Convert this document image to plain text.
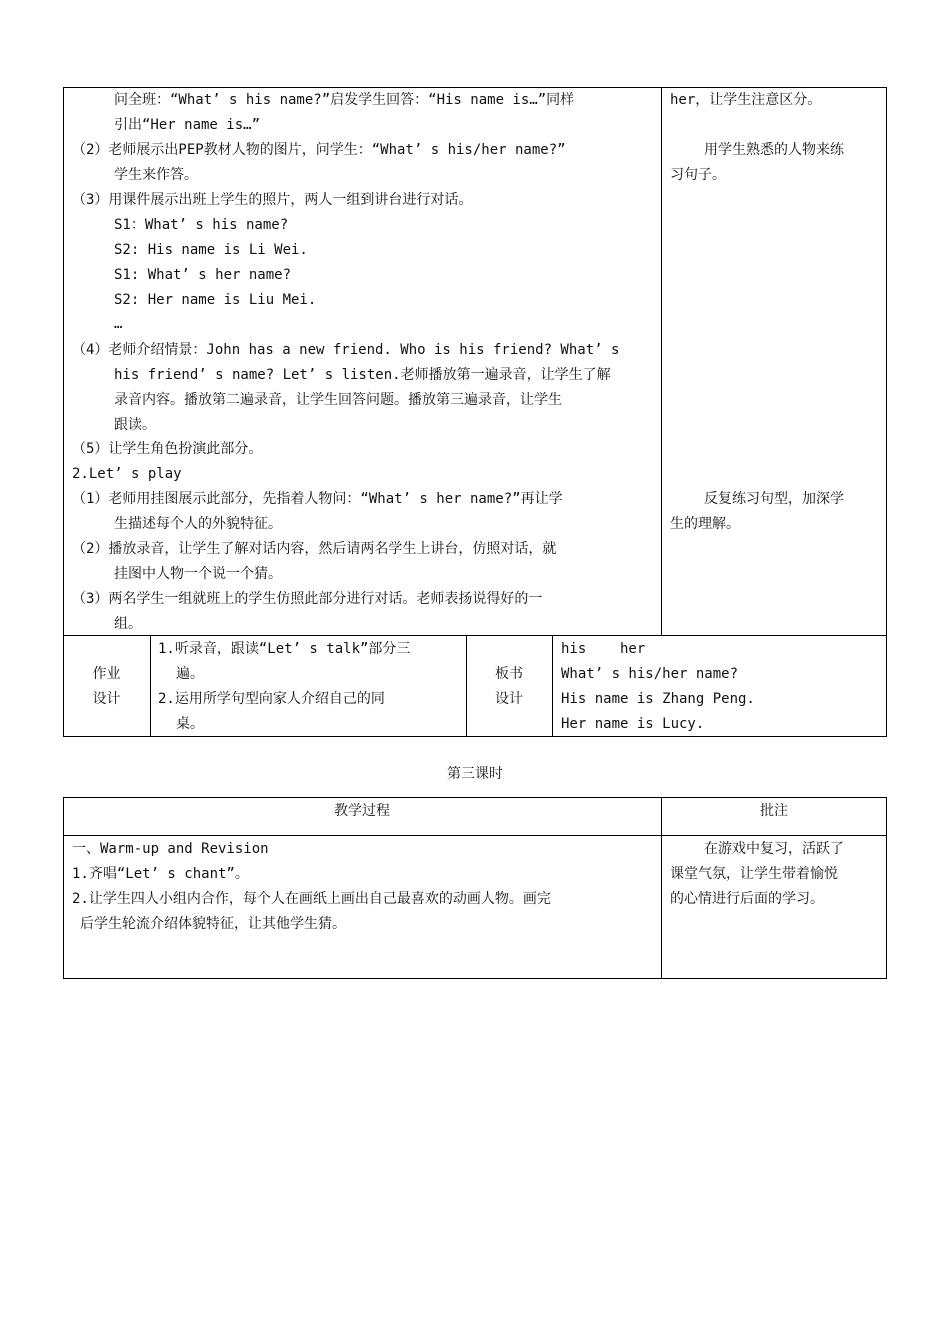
问全班：“What’ s his name?”启发学生回答：“His name is…”同样
引出“Her name is…”
（2）老师展示出PEP教材人物的图片，问学生：“What’ s his/her name?”
学生来作答。
（3）用课件展示出班上学生的照片，两人一组到讲台进行对话。
S1：What’ s his name?
S2: His name is Li Wei.
S1: What’ s her name?
S2: Her name is Liu Mei.
…
（4）老师介绍情景：John has a new friend. Who is his friend? What’ s
his friend’ s name? Let’ s listen.老师播放第一遍录音，让学生了解
录音内容。播放第二遍录音，让学生回答问题。播放第三遍录音，让学生
跟读。
（5）让学生角色扮演此部分。
2.Let’ s play
（1）老师用挂图展示此部分，先指着人物问：“What’ s her name?”再让学
生描述每个人的外貌特征。
（2）播放录音，让学生了解对话内容，然后请两名学生上讲台，仿照对话，就
挂图中人物一个说一个猜。
（3）两名学生一组就班上的学生仿照此部分进行对话。老师表扬说得好的一
组。
her，让学生注意区分。
用学生熟悉的人物来练
习句子。
反复练习句型，加深学
生的理解。
作业
设计
1.听录音，跟读“Let’ s talk”部分三
遍。
2.运用所学句型向家人介绍自己的同
桌。
板书
设计
his    her
What’ s his/her name?
His name is Zhang Peng.
Her name is Lucy.
第三课时
教学过程	批注
一、Warm-up and Revision
1.齐唱“Let’ s chant”。
2.让学生四人小组内合作，每个人在画纸上画出自己最喜欢的动画人物。画完
后学生轮流介绍体貌特征，让其他学生猜。
在游戏中复习，活跃了
课堂气氛，让学生带着愉悦
的心情进行后面的学习。
